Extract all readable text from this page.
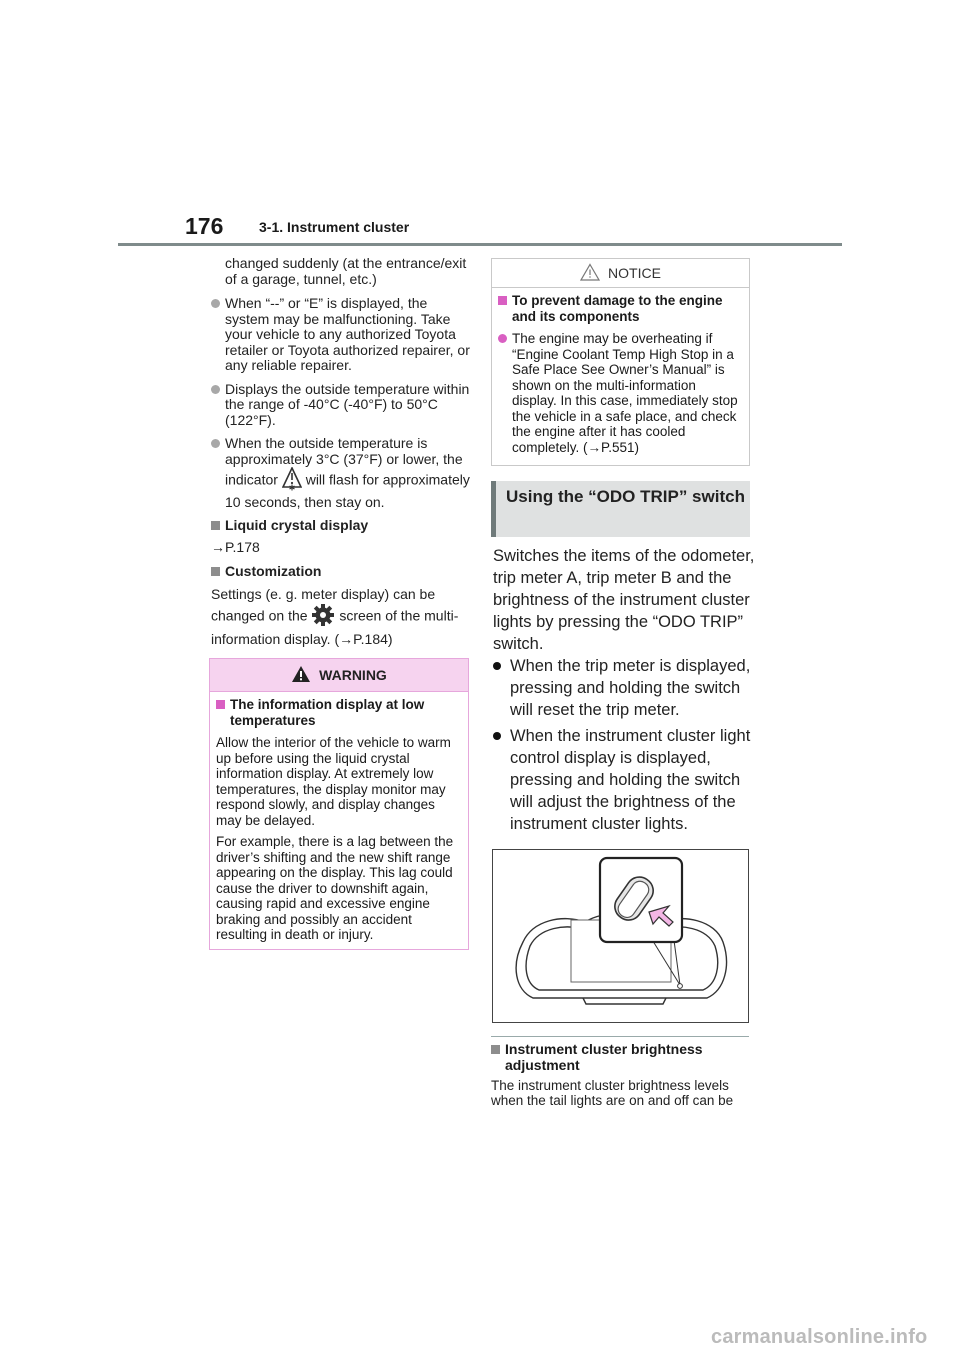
176	3-1. Instrument cluster
changed suddenly (at the entrance/exit of a garage, tunnel, etc.)
When “--” or “E” is displayed, the system may be malfunctioning. Take your vehicle to any authorized Toyota retailer or Toyota authorized repairer, or any reliable repairer.
Displays the outside temperature within the range of -40°C (-40°F) to 50°C (122°F).
When the outside temperature is approximately 3°C (37°F) or lower, the indicator will flash for approximately 10 seconds, then stay on.
Liquid crystal display
→P.178
Customization
Settings (e. g. meter display) can be changed on the screen of the multi-information display. (→P.184)
WARNING
The information display at low temperatures
Allow the interior of the vehicle to warm up before using the liquid crystal information display. At extremely low temperatures, the display monitor may respond slowly, and display changes may be delayed.
For example, there is a lag between the driver’s shifting and the new shift range appearing on the display. This lag could cause the driver to downshift again, causing rapid and excessive engine braking and possibly an accident resulting in death or injury.
NOTICE
To prevent damage to the engine and its components
The engine may be overheating if “Engine Coolant Temp High Stop in a Safe Place See Owner’s Manual” is shown on the multi-information display. In this case, immediately stop the vehicle in a safe place, and check the engine after it has cooled completely. (→P.551)
Using the “ODO TRIP” switch
Switches the items of the odometer, trip meter A, trip meter B and the brightness of the instrument cluster lights by pressing the “ODO TRIP” switch.
When the trip meter is displayed, pressing and holding the switch will reset the trip meter.
When the instrument cluster light control display is displayed, pressing and holding the switch will adjust the brightness of the instrument cluster lights.
Instrument cluster brightness adjustment
The instrument cluster brightness levels when the tail lights are on and off can be
carmanualsonline.info
